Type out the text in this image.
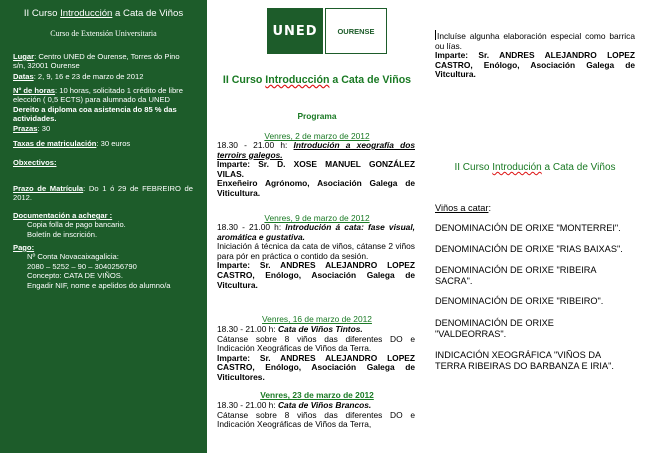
II Curso Introducción a Cata de Viños
Curso de Extensión Universitaria
Lugar: Centro UNED de Ourense, Torres do Pino s/n, 32001 Ourense
Datas: 2, 9, 16 e 23 de marzo de 2012
Nº de horas: 10 horas, solicitado 1 crédito de libre elección ( 0,5 ECTS) para alumnado da UNED
Dereito a diploma coa asistencia do 85 % das actividades.
Prazas: 30
Taxas de matriculación: 30 euros
Obxectivos:
Prazo de Matrícula: Do 1 ó 29 de FEBREIRO de 2012.
Documentación a achegar :
Copia folla de pago bancario.
Boletín de inscrición.
Pago:
Nº Conta Novacaixagalicia:
2080 – 5252 – 90 – 3040256790
Concepto: CATA DE VIÑOS.
Engadir NIF, nome e apelidos do alumno/a
UNED	OURENSE
II Curso Introducción a Cata de Viños
Programa
Venres, 2 de marzo de 2012
18.30 - 21.00 h: Introdución a xeografía dos terroirs galegos.
Imparte: Sr. D. XOSE MANUEL GONZÁLEZ VILAS.
Enxeñeiro Agrónomo, Asociación Galega de Viticultura.
Venres, 9 de marzo de 2012
18.30 - 21.00 h: Introdución á cata: fase visual, aromática e gustativa.
Iniciación á técnica da cata de viños, cátanse 2 viños para pór en práctica o contido da sesión.
Imparte: Sr. ANDRES ALEJANDRO LOPEZ CASTRO, Enólogo, Asociación Galega de Vitcultura.
Venres, 16 de marzo de 2012
18.30 - 21.00 h: Cata de Viños Tintos.
Cátanse sobre 8 viños das diferentes DO e Indicación Xeográficas de Viños da Terra.
Imparte: Sr. ANDRES ALEJANDRO LOPEZ CASTRO, Enólogo, Asociación Galega de Viticultores.
Venres, 23 de marzo de 2012
18.30 - 21.00 h: Cata de Viños Brancos.
Cátanse sobre 8 viños das diferentes DO e Indicación Xeográficas de Viños da Terra,
Incluíse algunha elaboración especial como barrica ou lías.
Imparte: Sr. ANDRES ALEJANDRO LOPEZ CASTRO, Enólogo, Asociación Galega de Vitcultura.
II Curso Introdución a Cata de Viños
Viños a catar:
DENOMINACIÓN DE ORIXE "MONTERREI".
DENOMINACIÓN DE ORIXE "RIAS BAIXAS".
DENOMINACIÓN DE ORIXE "RIBEIRA SACRA".
DENOMINACIÓN DE ORIXE "RIBEIRO".
DENOMINACIÓN DE ORIXE "VALDEORRAS".
INDICACIÓN XEOGRÁFICA "VIÑOS DA TERRA RIBEIRAS DO BARBANZA E IRIA".
